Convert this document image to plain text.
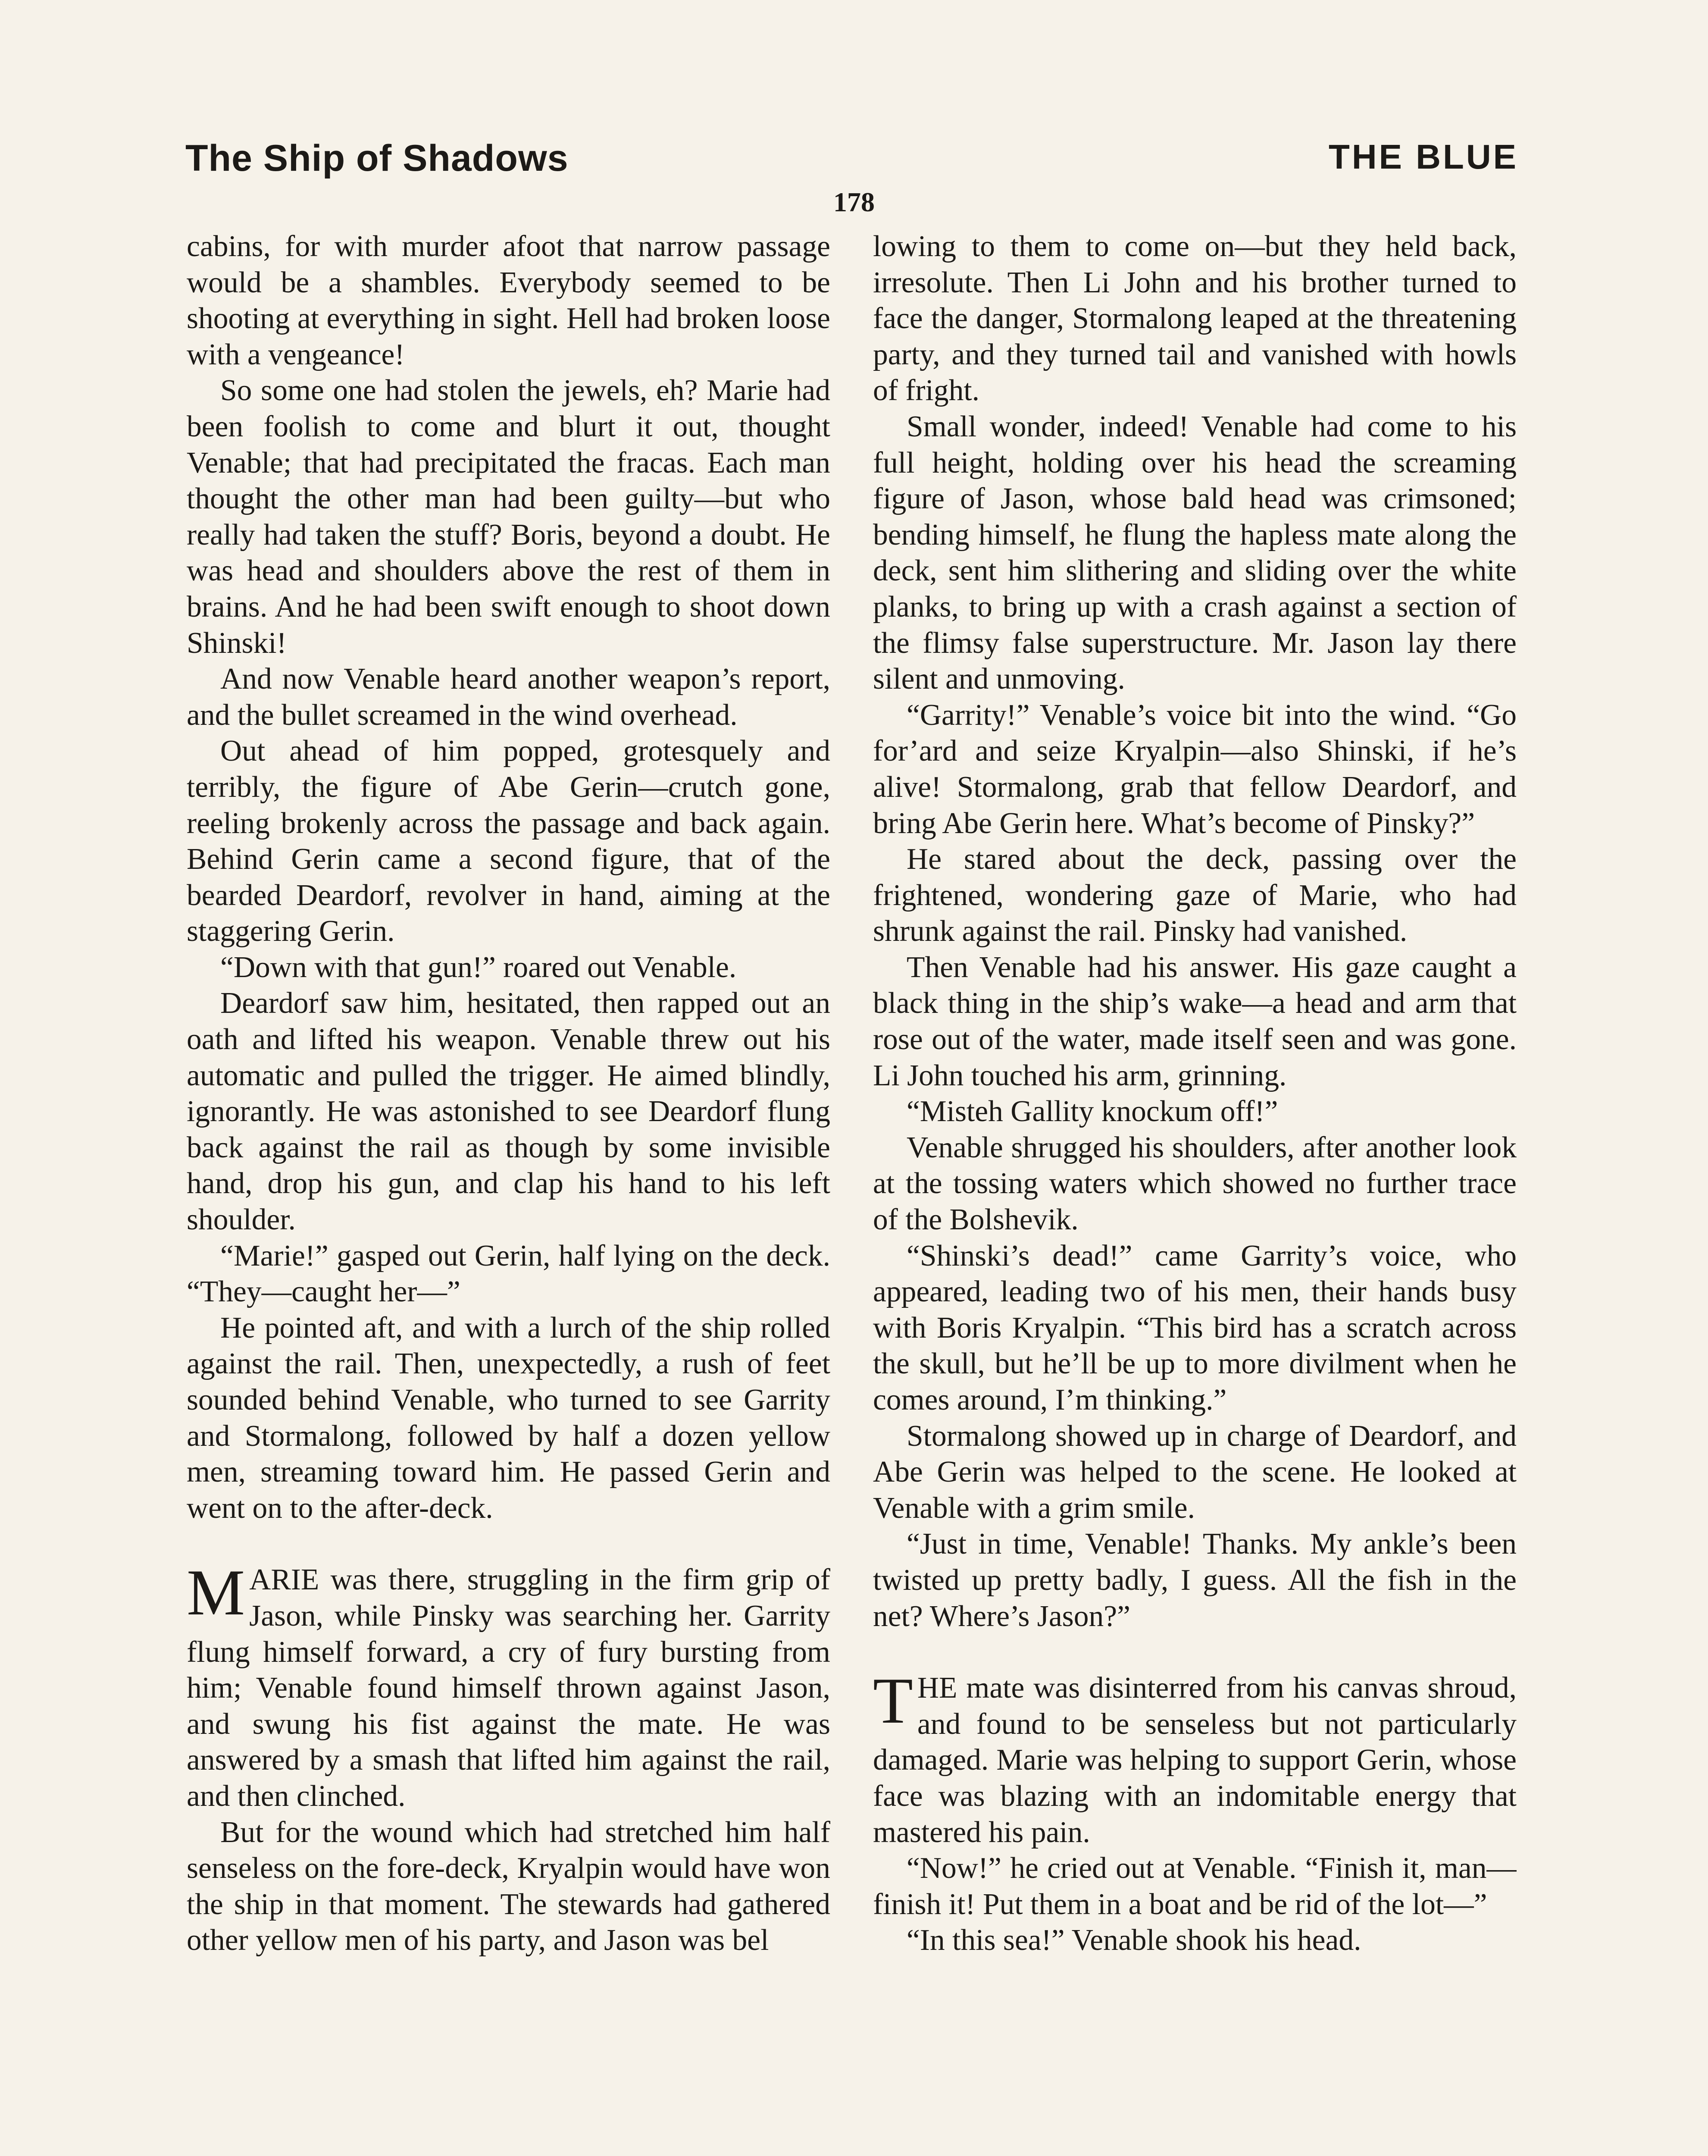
The Ship of Shadows	THE BLUE
178

cabins, for with murder afoot that narrow passage would be a shambles. Everybody seemed to be shooting at everything in sight. Hell had broken loose with a vengeance!

So some one had stolen the jewels, eh? Marie had been foolish to come and blurt it out, thought Venable; that had precipitated the fracas. Each man thought the other man had been guilty—but who really had taken the stuff? Boris, beyond a doubt. He was head and shoulders above the rest of them in brains. And he had been swift enough to shoot down Shinski!

And now Venable heard another weapon’s report, and the bullet screamed in the wind overhead.

Out ahead of him popped, grotesquely and terribly, the figure of Abe Gerin—crutch gone, reeling brokenly across the passage and back again. Behind Gerin came a second figure, that of the bearded Deardorf, revolver in hand, aiming at the staggering Gerin.

“Down with that gun!” roared out Venable.

Deardorf saw him, hesitated, then rapped out an oath and lifted his weapon. Venable threw out his automatic and pulled the trigger. He aimed blindly, ignorantly. He was astonished to see Deardorf flung back against the rail as though by some invisible hand, drop his gun, and clap his hand to his left shoulder.

“Marie!” gasped out Gerin, half lying on the deck. “They—caught her—”

He pointed aft, and with a lurch of the ship rolled against the rail. Then, unexpectedly, a rush of feet sounded behind Venable, who turned to see Garrity and Stormalong, followed by half a dozen yellow men, streaming toward him. He passed Gerin and went on to the after-deck.

MARIE was there, struggling in the firm grip of Jason, while Pinsky was searching her. Garrity flung himself forward, a cry of fury bursting from him; Venable found himself thrown against Jason, and swung his fist against the mate. He was answered by a smash that lifted him against the rail, and then clinched.

But for the wound which had stretched him half senseless on the fore-deck, Kryalpin would have won the ship in that moment. The stewards had gathered other yellow men of his party, and Jason was bel

lowing to them to come on—but they held back, irresolute. Then Li John and his brother turned to face the danger, Stormalong leaped at the threatening party, and they turned tail and vanished with howls of fright.

Small wonder, indeed! Venable had come to his full height, holding over his head the screaming figure of Jason, whose bald head was crimsoned; bending himself, he flung the hapless mate along the deck, sent him slithering and sliding over the white planks, to bring up with a crash against a section of the flimsy false superstructure. Mr. Jason lay there silent and unmoving.

“Garrity!” Venable’s voice bit into the wind. “Go for’ard and seize Kryalpin—also Shinski, if he’s alive! Stormalong, grab that fellow Deardorf, and bring Abe Gerin here. What’s become of Pinsky?”

He stared about the deck, passing over the frightened, wondering gaze of Marie, who had shrunk against the rail. Pinsky had vanished.

Then Venable had his answer. His gaze caught a black thing in the ship’s wake—a head and arm that rose out of the water, made itself seen and was gone. Li John touched his arm, grinning.

“Misteh Gallity knockum off!”

Venable shrugged his shoulders, after another look at the tossing waters which showed no further trace of the Bolshevik.

“Shinski’s dead!” came Garrity’s voice, who appeared, leading two of his men, their hands busy with Boris Kryalpin. “This bird has a scratch across the skull, but he’ll be up to more divilment when he comes around, I’m thinking.”

Stormalong showed up in charge of Deardorf, and Abe Gerin was helped to the scene. He looked at Venable with a grim smile.

“Just in time, Venable! Thanks. My ankle’s been twisted up pretty badly, I guess. All the fish in the net? Where’s Jason?”

THE mate was disinterred from his canvas shroud, and found to be senseless but not particularly damaged. Marie was helping to support Gerin, whose face was blazing with an indomitable energy that mastered his pain.

“Now!” he cried out at Venable. “Finish it, man—finish it! Put them in a boat and be rid of the lot—”

“In this sea!” Venable shook his head.
